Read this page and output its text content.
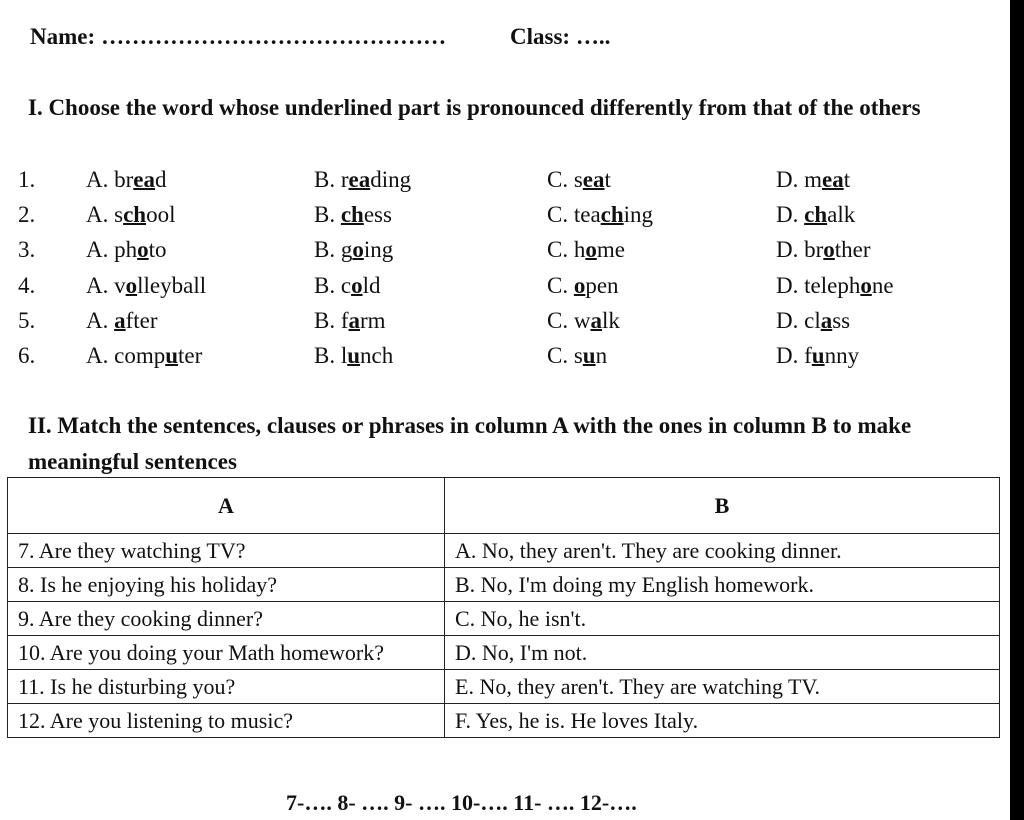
Name: ………………………………………	Class: …..
I. Choose the word whose underlined part is pronounced differently from that of the others
1. A. bread	B. reading	C. seat	D. meat
2. A. school	B. chess	C. teaching	D. chalk
3. A. photo	B. going	C. home	D. brother
4. A. volleyball	B. cold	C. open	D. telephone
5. A. after	B. farm	C. walk	D. class
6. A. computer	B. lunch	C. sun	D. funny
II. Match the sentences, clauses or phrases in column A with the ones in column B to make meaningful sentences
A	B
7. Are they watching TV?	A. No, they aren't. They are cooking dinner.
8. Is he enjoying his holiday?	B. No, I'm doing my English homework.
9. Are they cooking dinner?	C. No, he isn't.
10. Are you doing your Math homework?	D. No, I'm not.
11. Is he disturbing you?	E. No, they aren't. They are watching TV.
12. Are you listening to music?	F. Yes, he is. He loves Italy.
7-…. 8- …. 9- …. 10-…. 11- …. 12-….
